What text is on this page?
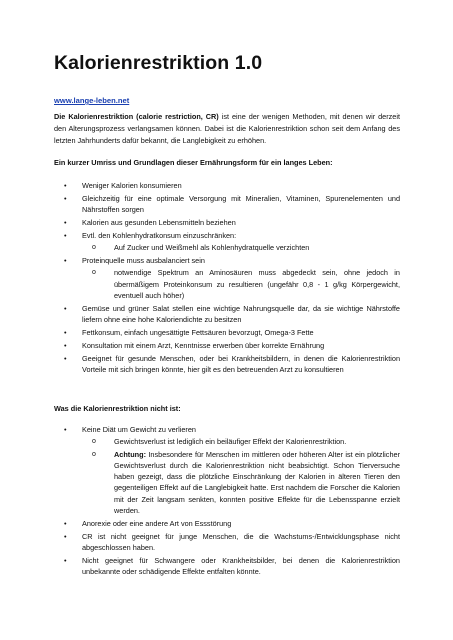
Kalorienrestriktion 1.0
www.lange-leben.net
Die Kalorienrestriktion (calorie restriction, CR) ist eine der wenigen Methoden, mit denen wir derzeit den Alterungsprozess verlangsamen können. Dabei ist die Kalorienrestriktion schon seit dem Anfang des letzten Jahrhunderts dafür bekannt, die Langlebigkeit zu erhöhen.
Ein kurzer Umriss und Grundlagen dieser Ernährungsform für ein langes Leben:
• Weniger Kalorien konsumieren
• Gleichzeitig für eine optimale Versorgung mit Mineralien, Vitaminen, Spurenelementen und Nährstoffen sorgen
• Kalorien aus gesunden Lebensmitteln beziehen
• Evtl. den Kohlenhydratkonsum einzuschränken:
o Auf Zucker und Weißmehl als Kohlenhydratquelle verzichten
• Proteinquelle muss ausbalanciert sein
o notwendige Spektrum an Aminosäuren muss abgedeckt sein, ohne jedoch in übermäßigem Proteinkonsum zu resultieren (ungefähr 0,8 - 1 g/kg Körpergewicht, eventuell auch höher)
• Gemüse und grüner Salat stellen eine wichtige Nahrungsquelle dar, da sie wichtige Nährstoffe liefern ohne eine hohe Kaloriendichte zu besitzen
• Fettkonsum, einfach ungesättigte Fettsäuren bevorzugt, Omega-3 Fette
• Konsultation mit einem Arzt, Kenntnisse erwerben über korrekte Ernährung
• Geeignet für gesunde Menschen, oder bei Krankheitsbildern, in denen die Kalorienrestriktion Vorteile mit sich bringen könnte, hier gilt es den betreuenden Arzt zu konsultieren
Was die Kalorienrestriktion nicht ist:
• Keine Diät um Gewicht zu verlieren
o Gewichtsverlust ist lediglich ein beiläufiger Effekt der Kalorienrestriktion.
o Achtung: Insbesondere für Menschen im mittleren oder höheren Alter ist ein plötzlicher Gewichtsverlust durch die Kalorienrestriktion nicht beabsichtigt. Schon Tierversuche haben gezeigt, dass die plötzliche Einschränkung der Kalorien in älteren Tieren den gegenteiligen Effekt auf die Langlebigkeit hatte. Erst nachdem die Forscher die Kalorien mit der Zeit langsam senkten, konnten positive Effekte für die Lebensspanne erzielt werden.
• Anorexie oder eine andere Art von Essstörung
• CR ist nicht geeignet für junge Menschen, die die Wachstums-/Entwicklungsphase nicht abgeschlossen haben.
• Nicht geeignet für Schwangere oder Krankheitsbilder, bei denen die Kalorienrestriktion unbekannte oder schädigende Effekte entfalten könnte.
